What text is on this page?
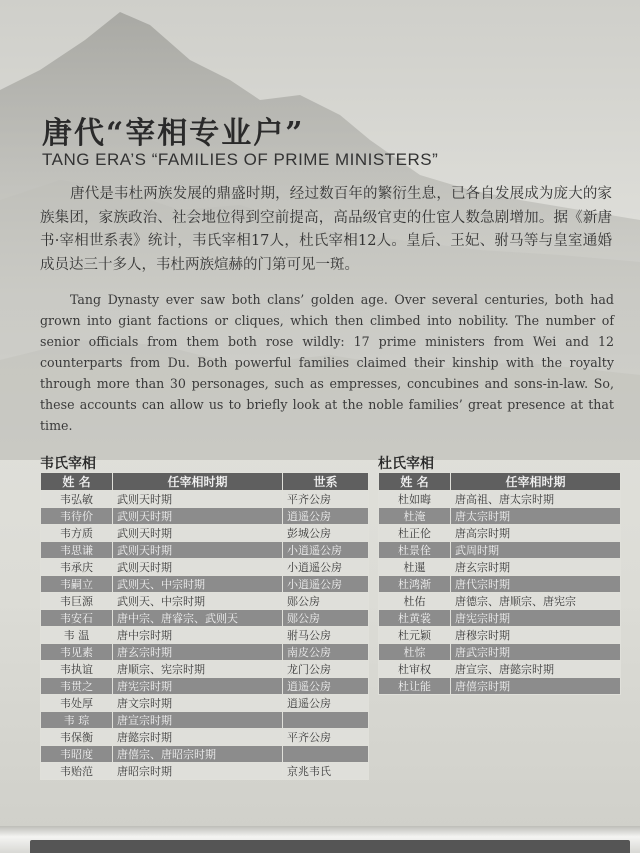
唐代“宰相专业户”
TANG ERA’S “FAMILIES OF PRIME MINISTERS”
唐代是韦杜两族发展的鼎盛时期，经过数百年的繁衍生息，已各自发展成为庞大的家族集团，家族政治、社会地位得到空前提高，高品级官吏的仕宦人数急剧增加。据《新唐书·宰相世系表》统计，韦氏宰相17人，杜氏宰相12人。皇后、王妃、驸马等与皇室通婚成员达三十多人，韦杜两族煊赫的门第可见一斑。
Tang Dynasty ever saw both clans’ golden age. Over several centuries, both had grown into giant factions or cliques, which then climbed into nobility. The number of senior officials from them both rose wildly: 17 prime ministers from Wei and 12 counterparts from Du. Both powerful families claimed their kinship with the royalty through more than 30 personages, such as empresses, concubines and sons-in-law. So, these accounts can allow us to briefly look at the noble families’ great presence at that time.
韦氏宰相
姓 名	任宰相时期	世系
韦弘敏	武则天时期	平齐公房
韦待价	武则天时期	逍遥公房
韦方质	武则天时期	彭城公房
韦思谦	武则天时期	小逍遥公房
韦承庆	武则天时期	小逍遥公房
韦嗣立	武则天、中宗时期	小逍遥公房
韦巨源	武则天、中宗时期	郧公房
韦安石	唐中宗、唐睿宗、武则天	郧公房
韦 温	唐中宗时期	驸马公房
韦见素	唐玄宗时期	南皮公房
韦执谊	唐顺宗、宪宗时期	龙门公房
韦贯之	唐宪宗时期	逍遥公房
韦处厚	唐文宗时期	逍遥公房
韦 琮	唐宣宗时期	
韦保衡	唐懿宗时期	平齐公房
韦昭度	唐僖宗、唐昭宗时期	
韦贻范	唐昭宗时期	京兆韦氏
杜氏宰相
姓 名	任宰相时期
杜如晦	唐高祖、唐太宗时期
杜淹	唐太宗时期
杜正伦	唐高宗时期
杜景佺	武周时期
杜暹	唐玄宗时期
杜鸿渐	唐代宗时期
杜佑	唐德宗、唐顺宗、唐宪宗
杜黄裳	唐宪宗时期
杜元颖	唐穆宗时期
杜悰	唐武宗时期
杜审权	唐宣宗、唐懿宗时期
杜让能	唐僖宗时期
